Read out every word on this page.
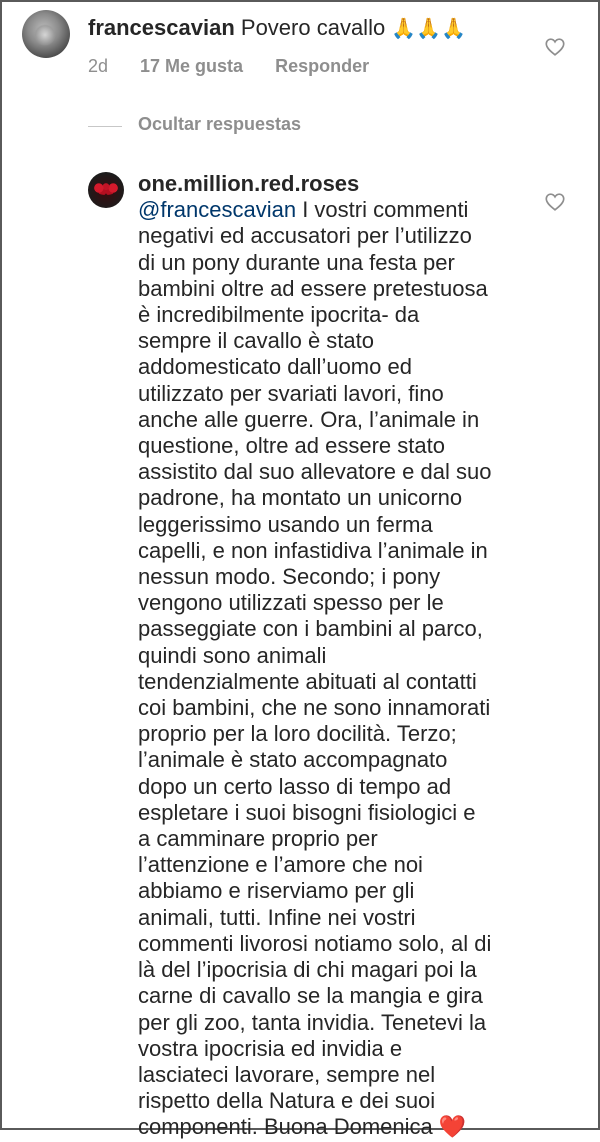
francescavian Povero cavallo 🙏🙏🙏
2d 17 Me gusta Responder
Ocultar respuestas
one.million.red.roses
@francescavian I vostri commenti
negativi ed accusatori per l’utilizzo
di un pony durante una festa per
bambini oltre ad essere pretestuosa
è incredibilmente ipocrita- da
sempre il cavallo è stato
addomesticato dall’uomo ed
utilizzato per svariati lavori, fino
anche alle guerre. Ora, l’animale in
questione, oltre ad essere stato
assistito dal suo allevatore e dal suo
padrone, ha montato un unicorno
leggerissimo usando un ferma
capelli, e non infastidiva l’animale in
nessun modo. Secondo; i pony
vengono utilizzati spesso per le
passeggiate con i bambini al parco,
quindi sono animali
tendenzialmente abituati al contatti
coi bambini, che ne sono innamorati
proprio per la loro docilità. Terzo;
l’animale è stato accompagnato
dopo un certo lasso di tempo ad
espletare i suoi bisogni fisiologici e
a camminare proprio per
l’attenzione e l’amore che noi
abbiamo e riserviamo per gli
animali, tutti. Infine nei vostri
commenti livorosi notiamo solo, al di
là del l’ipocrisia di chi magari poi la
carne di cavallo se la mangia e gira
per gli zoo, tanta invidia. Tenetevi la
vostra ipocrisia ed invidia e
lasciateci lavorare, sempre nel
rispetto della Natura e dei suoi
componenti. Buona Domenica ❤️
